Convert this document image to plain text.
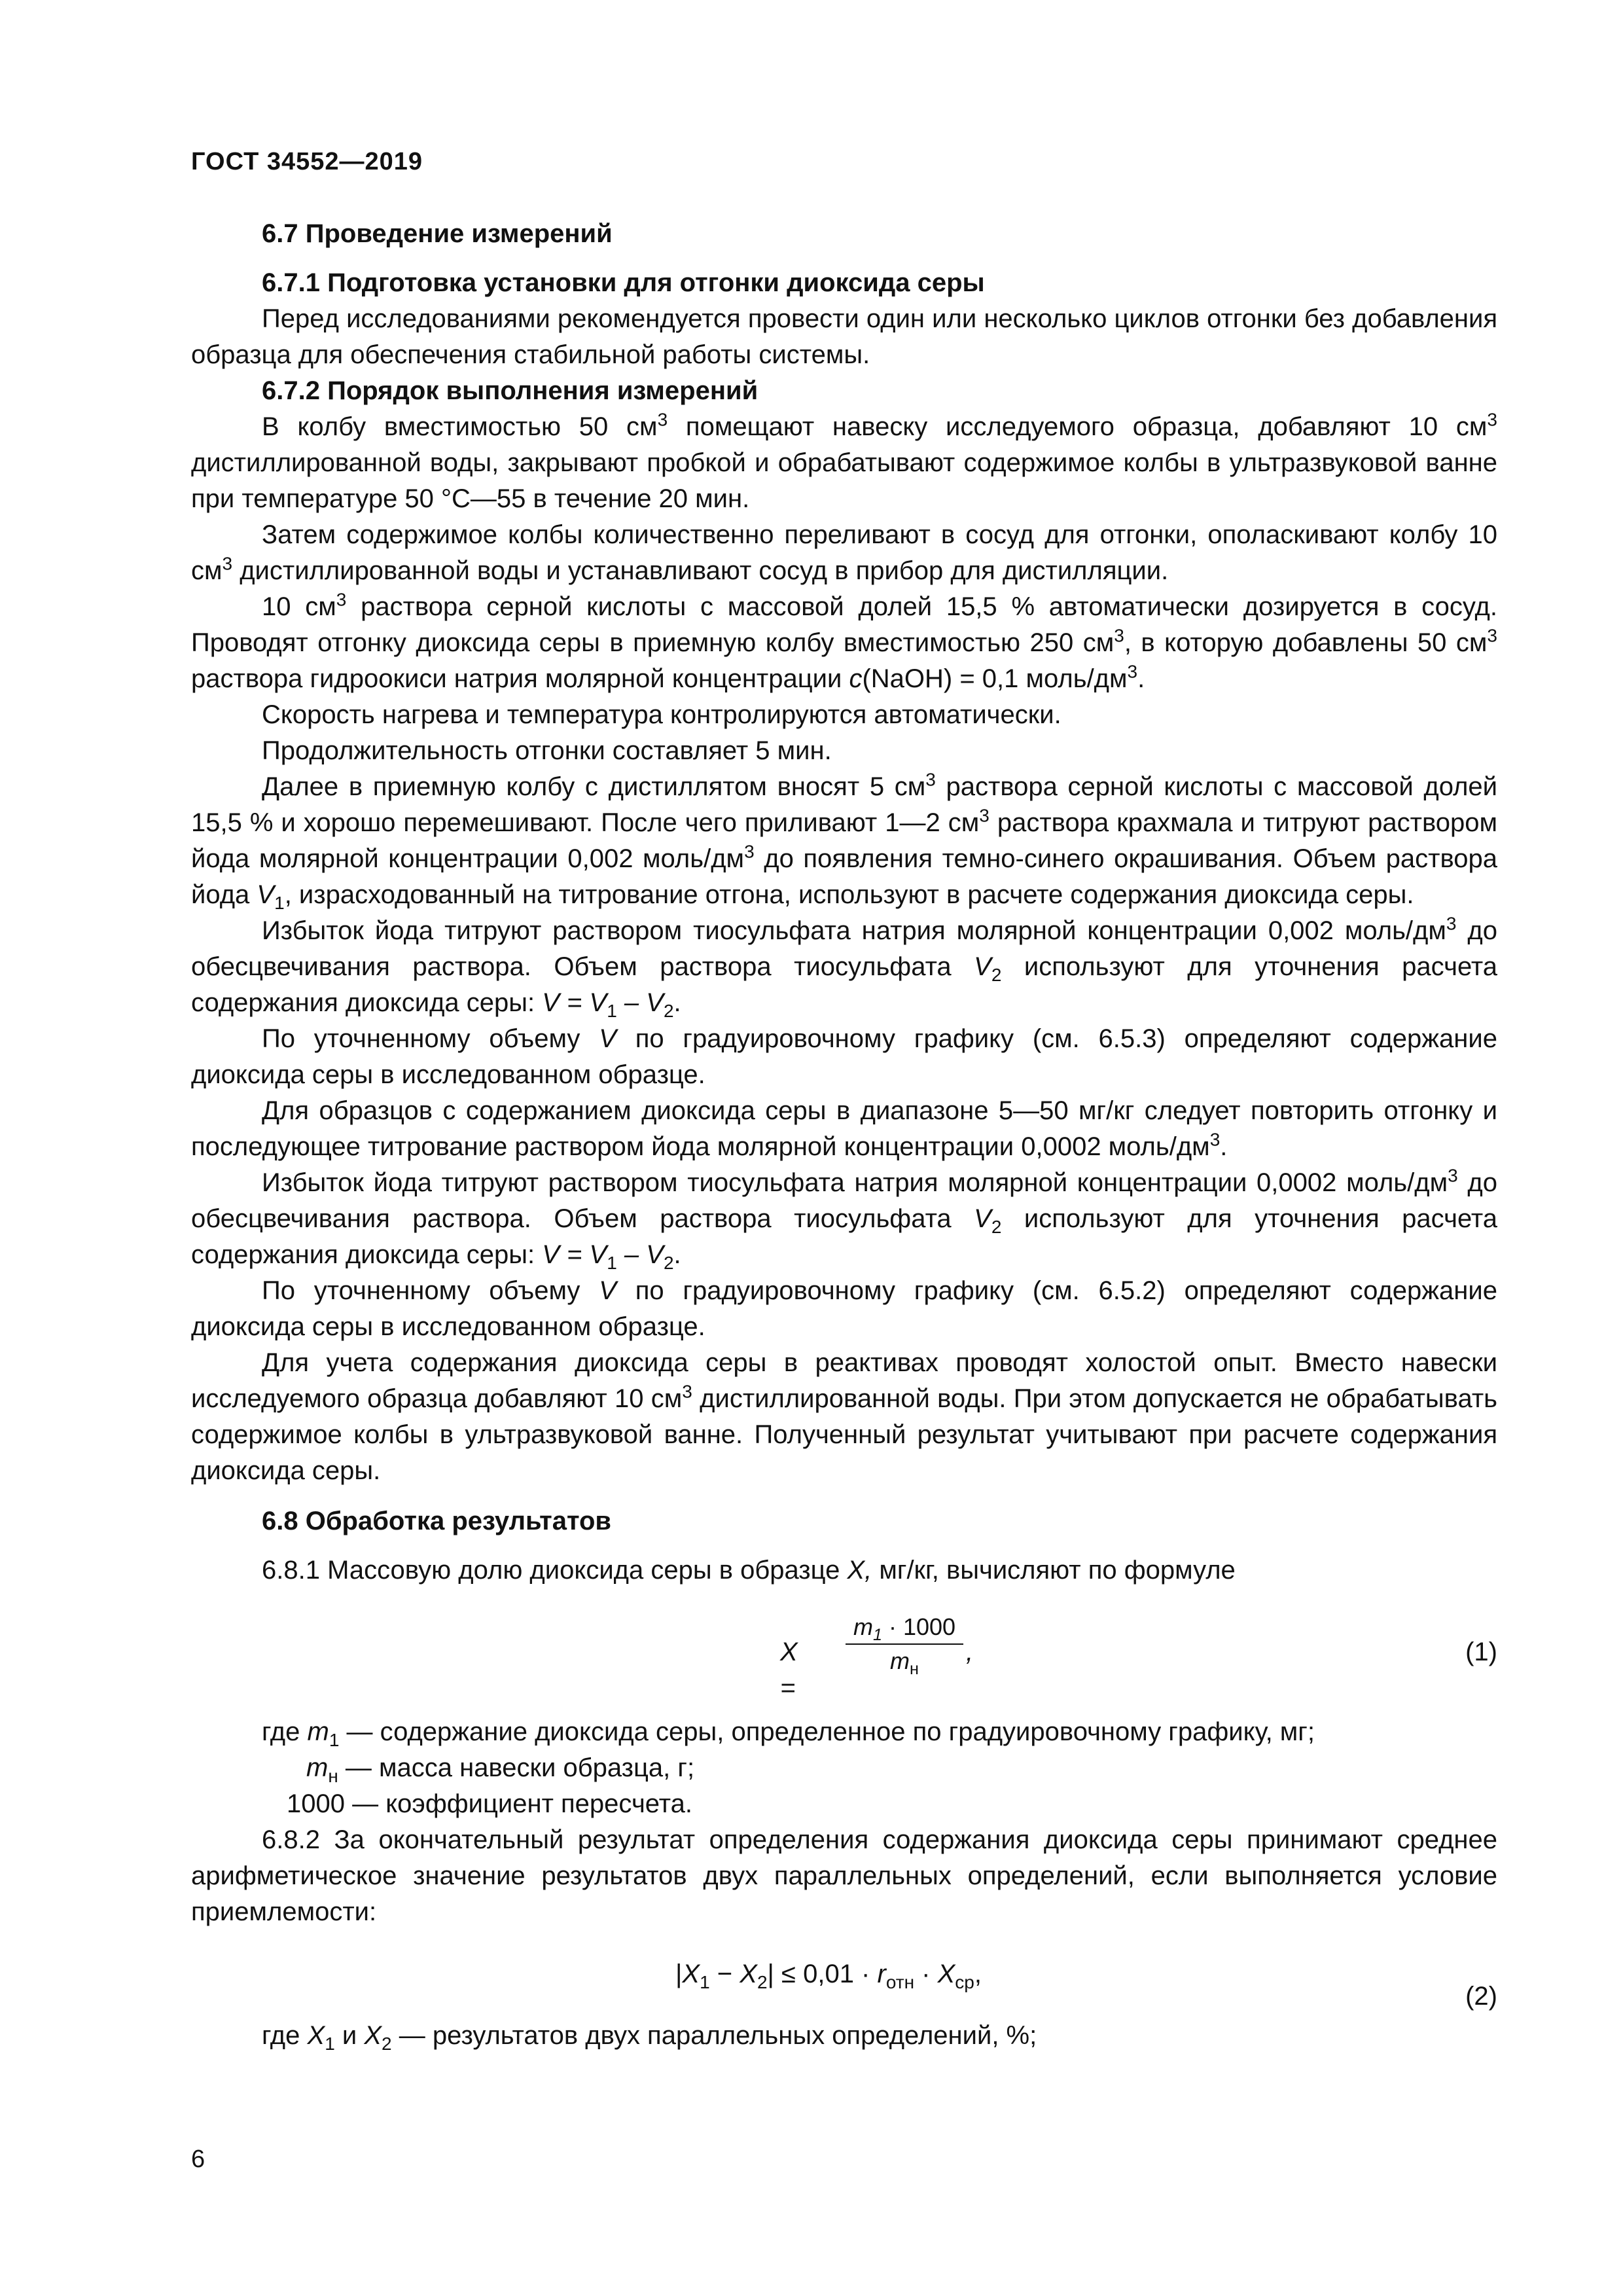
ГОСТ 34552—2019

6.7 Проведение измерений

6.7.1 Подготовка установки для отгонки диоксида серы

Перед исследованиями рекомендуется провести один или несколько циклов отгонки без добавления образца для обеспечения стабильной работы системы.

6.7.2 Порядок выполнения измерений

В колбу вместимостью 50 $см^3$ помещают навеску исследуемого образца, добавляют 10 $см^3$ дистиллированной воды, закрывают пробкой и обрабатывают содержимое колбы в ультразвуковой ванне при температуре 50 °С—55 в течение 20 мин.

Затем содержимое колбы количественно переливают в сосуд для отгонки, ополаскивают колбу 10 $см^3$ дистиллированной воды и устанавливают сосуд в прибор для дистилляции.

10 $см^3$ раствора серной кислоты с массовой долей 15,5 % автоматически дозируется в сосуд. Проводят отгонку диоксида серы в приемную колбу вместимостью 250 $см^3$, в которую добавлены 50 $см^3$ раствора гидроокиси натрия молярной концентрации c(NaOH) = 0,1 моль/$дм^3$.

Скорость нагрева и температура контролируются автоматически.

Продолжительность отгонки составляет 5 мин.

Далее в приемную колбу с дистиллятом вносят 5 $см^3$ раствора серной кислоты с массовой долей 15,5 % и хорошо перемешивают. После чего приливают 1—2 $см^3$ раствора крахмала и титруют раствором йода молярной концентрации 0,002 моль/$дм^3$ до появления темно-синего окрашивания. Объем раствора йода $V_1$, израсходованный на титрование отгона, используют в расчете содержания диоксида серы.

Избыток йода титруют раствором тиосульфата натрия молярной концентрации 0,002 моль/$дм^3$ до обесцвечивания раствора. Объем раствора тиосульфата $V_2$ используют для уточнения расчета содержания диоксида серы: $V = V_1 - V_2$.

По уточненному объему V по градуировочному графику (см. 6.5.3) определяют содержание диоксида серы в исследованном образце.

Для образцов с содержанием диоксида серы в диапазоне 5—50 мг/кг следует повторить отгонку и последующее титрование раствором йода молярной концентрации 0,0002 моль/$дм^3$.

Избыток йода титруют раствором тиосульфата натрия молярной концентрации 0,0002 моль/$дм^3$ до обесцвечивания раствора. Объем раствора тиосульфата $V_2$ используют для уточнения расчета содержания диоксида серы: $V = V_1 - V_2$.

По уточненному объему V по градуировочному графику (см. 6.5.2) определяют содержание диоксида серы в исследованном образце.

Для учета содержания диоксида серы в реактивах проводят холостой опыт. Вместо навески исследуемого образца добавляют 10 $см^3$ дистиллированной воды. При этом допускается не обрабатывать содержимое колбы в ультразвуковой ванне. Полученный результат учитывают при расчете содержания диоксида серы.

6.8 Обработка результатов

6.8.1 Массовую долю диоксида серы в образце X, мг/кг, вычисляют по формуле

X =
$m_1 \cdot 1000$
$m_н$
,	(1)

где $m_1$ — содержание диоксида серы, определенное по градуировочному графику, мг;

$m_н$ — масса навески образца, г;

1000 — коэффициент пересчета.

6.8.2 За окончательный результат определения содержания диоксида серы принимают среднее арифметическое значение результатов двух параллельных определений, если выполняется условие приемлемости:

$|X_1 - X_2| \le 0,01 \cdot r_{отн} \cdot X_{ср}$,
(2)

где $X_1$ и $X_2$ — результатов двух параллельных определений, %;

6
